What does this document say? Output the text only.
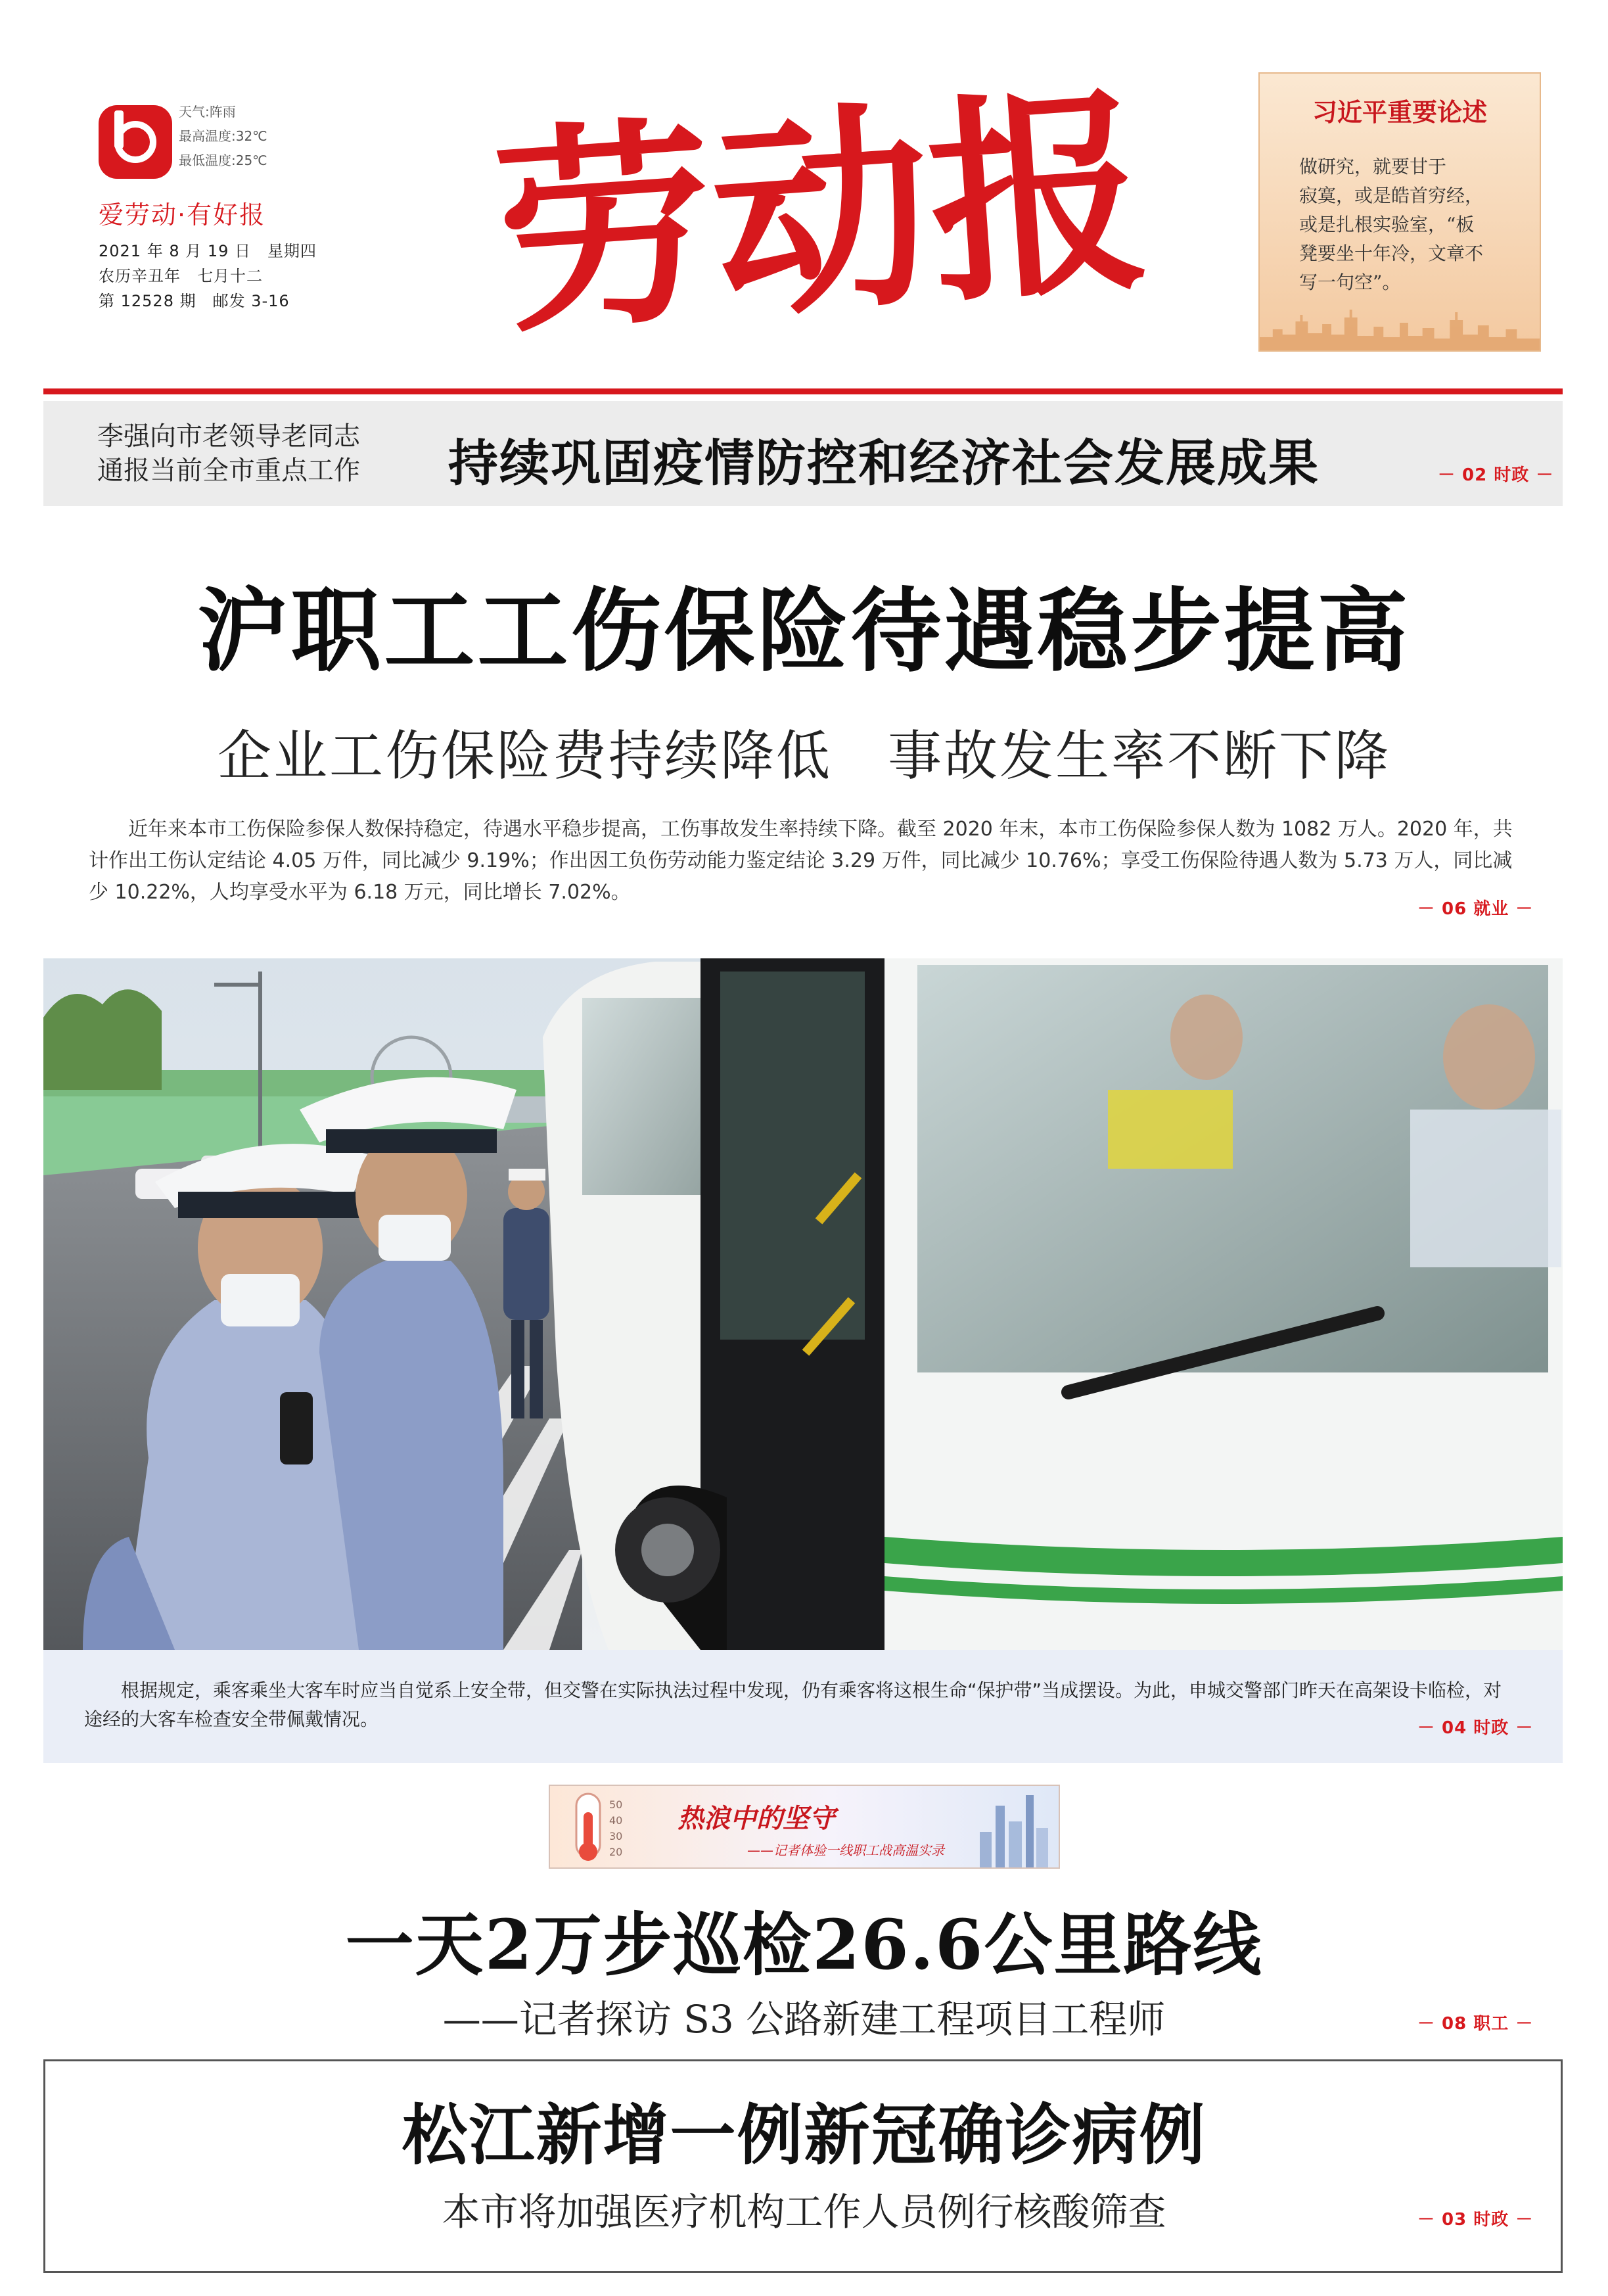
天气:阵雨
最高温度:32℃
最低温度:25℃
爱劳动·有好报
2021 年 8 月 19 日　星期四
农历辛丑年　七月十二
第 12528 期　邮发 3-16 劳动报	习近平重要论述
做研究，就要甘于
寂寞，或是皓首穷经，
或是扎根实验室，“板
凳要坐十年冷，文章不
写一句空”。
李强向市老领导老同志
通报当前全市重点工作 持续巩固疫情防控和经济社会发展成果	－ 02 时政 －
沪职工工伤保险待遇稳步提高
企业工伤保险费持续降低　事故发生率不断下降
近年来本市工伤保险参保人数保持稳定，待遇水平稳步提高，工伤事故发生率持续下降。截至 2020 年末，本市工伤保险参保人数为 1082 万人。2020 年，共计作出工伤认定结论 4.05 万件，同比减少 9.19%；作出因工负伤劳动能力鉴定结论 3.29 万件，同比减少 10.76%；享受工伤保险待遇人数为 5.73 万人，同比减少 10.22%，人均享受水平为 6.18 万元，同比增长 7.02%。
－ 06 就业 －
根据规定，乘客乘坐大客车时应当自觉系上安全带，但交警在实际执法过程中发现，仍有乘客将这根生命“保护带”当成摆设。为此，申城交警部门昨天在高架设卡临检，对途经的大客车检查安全带佩戴情况。	－ 04 时政 －
50
40
30
20
热浪中的坚守
——记者体验一线职工战高温实录
一天2万步巡检26.6公里路线
——记者探访 S3 公路新建工程项目工程师	－ 08 职工 －
松江新增一例新冠确诊病例
本市将加强医疗机构工作人员例行核酸筛查	－ 03 时政 －
